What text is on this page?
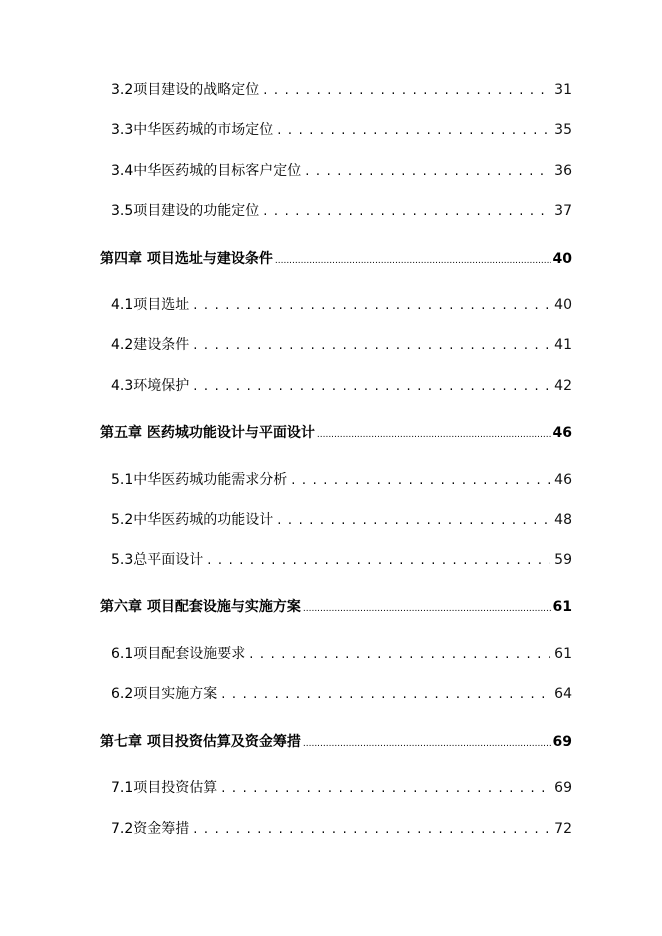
3.2项目建设的战略定位 . . .	31
3.3中华医药城的市场定位 . . .	35
3.4中华医药城的目标客户定位 . . .	36
3.5项目建设的功能定位 . . .	37
第四章 项目选址与建设条件 .....	40
4.1项目选址 . . .	40
4.2建设条件 . . .	41
4.3环境保护 . . .	42
第五章 医药城功能设计与平面设计 .....	46
5.1中华医药城功能需求分析 . . .	46
5.2中华医药城的功能设计 . . .	48
5.3总平面设计 . . .	59
第六章 项目配套设施与实施方案 .....	61
6.1项目配套设施要求 . . .	61
6.2项目实施方案 . . .	64
第七章 项目投资估算及资金筹措 .....	69
7.1项目投资估算 . . .	69
7.2资金筹措 . . .	72
